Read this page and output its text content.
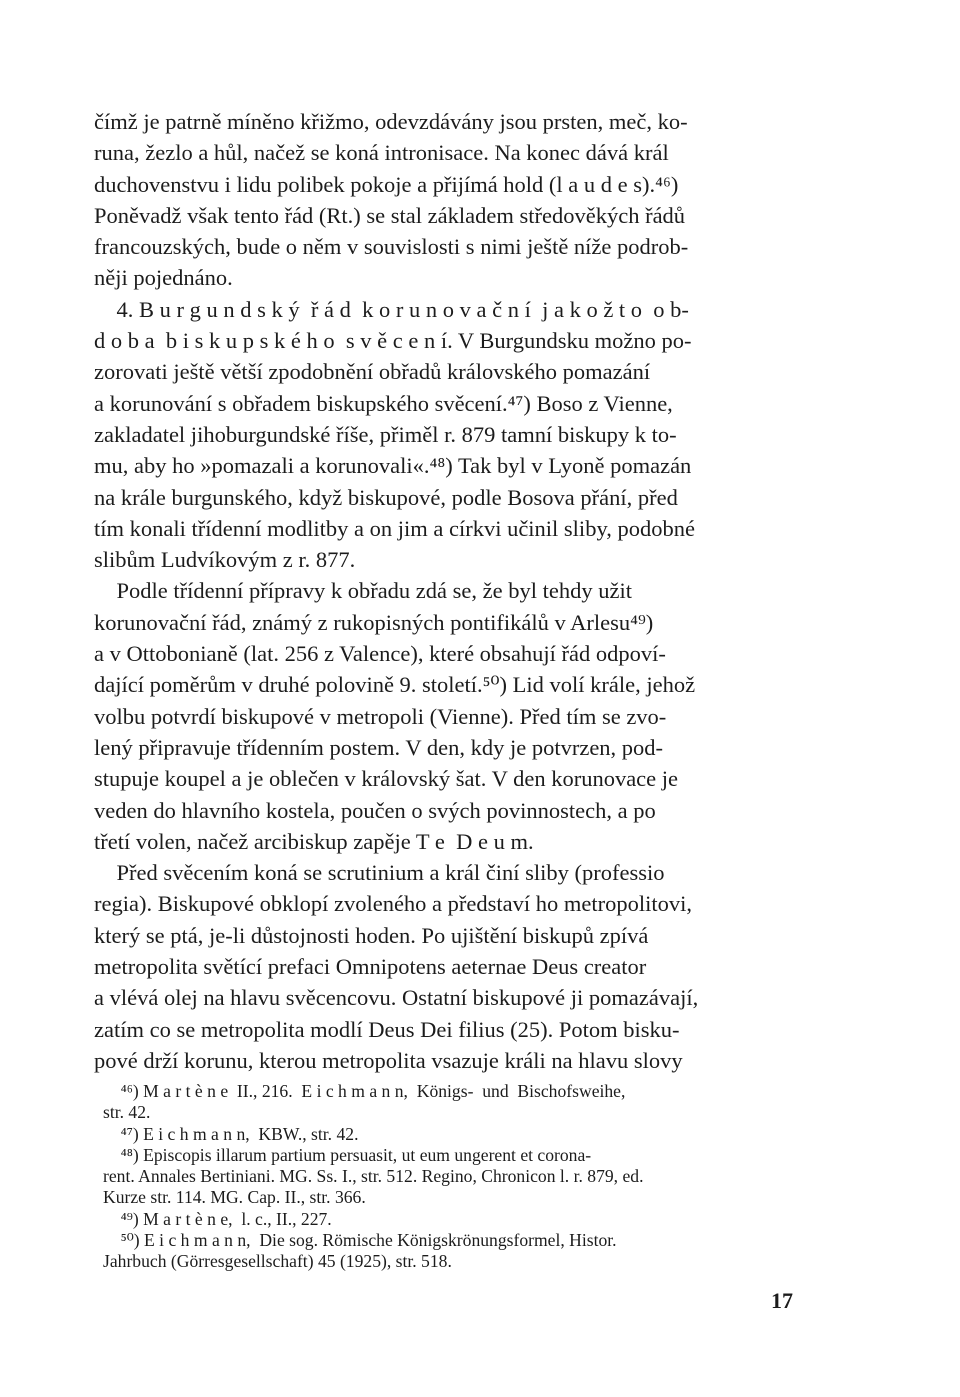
čímž je patrně míněno křižmo, odevzdávány jsou prsten, meč, ko-
runa, žezlo a hůl, načež se koná intronisace. Na konec dává král
duchovenstvu i lidu polibek pokoje a přijímá hold (l a u d e s).⁴⁶)
Poněvadž však tento řád (Rt.) se stal základem středověkých řádů
francouzských, bude o něm v souvislosti s nimi ještě níže podrob-
něji pojednáno.
4. B u r g u n d s k ý  ř á d  k o r u n o v a č n í  j a k o ž t o  o b-
d o b a  b i s k u p s k é h o  s v ě c e n í. V Burgundsku možno po-
zorovati ještě větší zpodobnění obřadů královského pomazání
a korunování s obřadem biskupského svěcení.⁴⁷) Boso z Vienne,
zakladatel jihoburgundské říše, přiměl r. 879 tamní biskupy k to-
mu, aby ho »pomazali a korunovali«.⁴⁸) Tak byl v Lyoně pomazán
na krále burgunského, když biskupové, podle Bosova přání, před
tím konali třídenní modlitby a on jim a církvi učinil sliby, podobné
slibům Ludvíkovým z r. 877.
Podle třídenní přípravy k obřadu zdá se, že byl tehdy užit
korunovační řád, známý z rukopisných pontifikálů v Arlesu⁴⁹)
a v Ottobonianě (lat. 256 z Valence), které obsahují řád odpoví-
dající poměrům v druhé polovině 9. století.⁵⁰) Lid volí krále, jehož
volbu potvrdí biskupové v metropoli (Vienne). Před tím se zvo-
lený připravuje třídenním postem. V den, kdy je potvrzen, pod-
stupuje koupel a je oblečen v královský šat. V den korunovace je
veden do hlavního kostela, poučen o svých povinnostech, a po
třetí volen, načež arcibiskup zapěje T e  D e u m.
Před svěcením koná se scrutinium a král činí sliby (professio
regia). Biskupové obklopí zvoleného a představí ho metropolitovi,
který se ptá, je-li důstojnosti hoden. Po ujištění biskupů zpívá
metropolita světící prefaci Omnipotens aeternae Deus creator
a vlévá olej na hlavu svěcencovu. Ostatní biskupové ji pomazávají,
zatím co se metropolita modlí Deus Dei filius (25). Potom bisku-
pové drží korunu, kterou metropolita vsazuje králi na hlavu slovy
⁴⁶) M a r t è n e  II., 216.  E i c h m a n n,  Königs-  und  Bischofsweihe,
str. 42.
⁴⁷) E i c h m a n n,  KBW., str. 42.
⁴⁸) Episcopis illarum partium persuasit, ut eum ungerent et corona-
rent. Annales Bertiniani. MG. Ss. I., str. 512. Regino, Chronicon l. r. 879, ed.
Kurze str. 114. MG. Cap. II., str. 366.
⁴⁹) M a r t è n e,  l. c., II., 227.
⁵⁰) E i c h m a n n,  Die sog. Römische Königskrönungsformel, Histor.
Jahrbuch (Görresgesellschaft) 45 (1925), str. 518.
17
